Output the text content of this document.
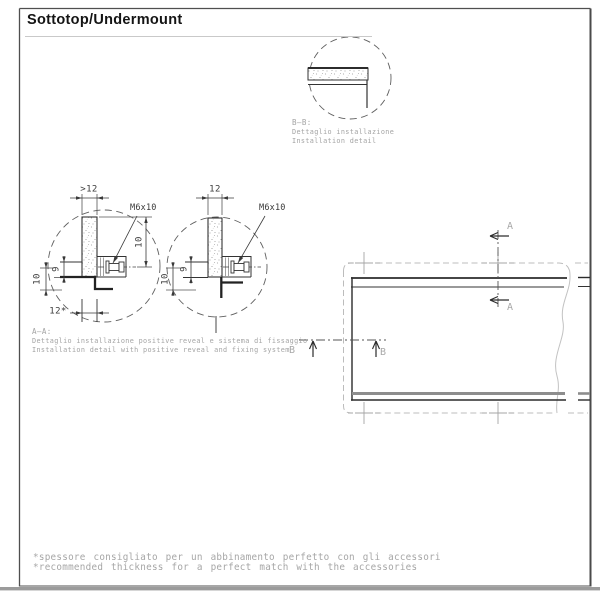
Sottotop/Undermount
B—B:
Dettaglio installazione
Installation detail
A—A:
Dettaglio installazione positive reveal e sistema di fissaggio
Installation detail with positive reveal and fixing system
>12
M6x10
10
9
10
12*
12
M6x10
9
10
A
A
B	B
*spessore consigliato per un abbinamento perfetto con gli accessori
*recommended thickness for a perfect match with the accessories
